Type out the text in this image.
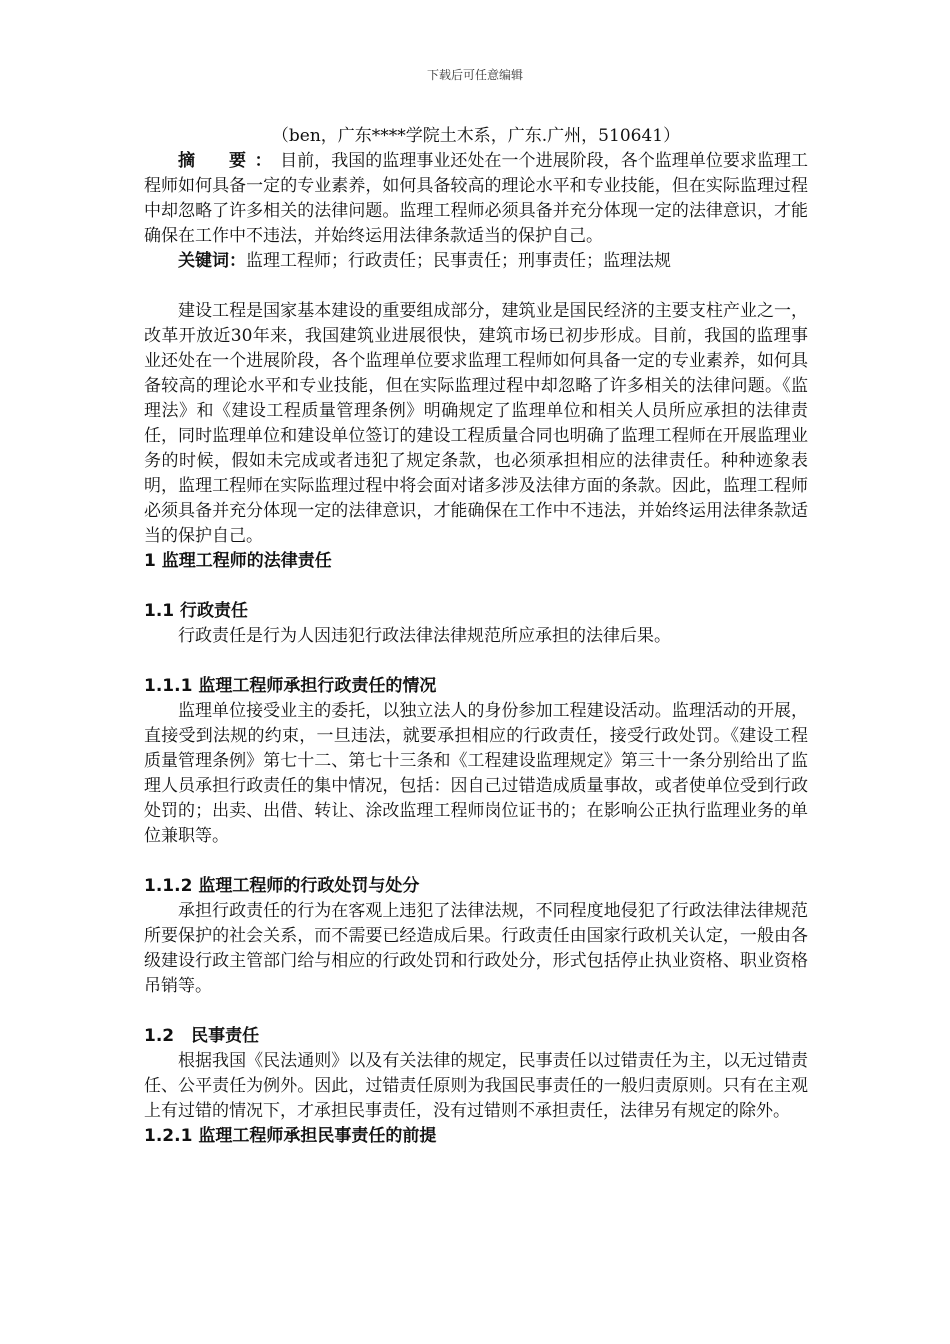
下载后可任意编辑

（ben，广东****学院土木系，广东.广州，510641）

摘　要：目前，我国的监理事业还处在一个进展阶段，各个监理单位要求监理工程师如何具备一定的专业素养，如何具备较高的理论水平和专业技能，但在实际监理过程中却忽略了许多相关的法律问题。监理工程师必须具备并充分体现一定的法律意识，才能确保在工作中不违法，并始终运用法律条款适当的保护自己。

关键词：监理工程师；行政责任；民事责任；刑事责任；监理法规

建设工程是国家基本建设的重要组成部分，建筑业是国民经济的主要支柱产业之一，改革开放近30年来，我国建筑业进展很快，建筑市场已初步形成。目前，我国的监理事业还处在一个进展阶段，各个监理单位要求监理工程师如何具备一定的专业素养，如何具备较高的理论水平和专业技能，但在实际监理过程中却忽略了许多相关的法律问题。《监理法》和《建设工程质量管理条例》明确规定了监理单位和相关人员所应承担的法律责任，同时监理单位和建设单位签订的建设工程质量合同也明确了监理工程师在开展监理业务的时候，假如未完成或者违犯了规定条款，也必须承担相应的法律责任。种种迹象表明，监理工程师在实际监理过程中将会面对诸多涉及法律方面的条款。因此，监理工程师必须具备并充分体现一定的法律意识，才能确保在工作中不违法，并始终运用法律条款适当的保护自己。

1 监理工程师的法律责任
1.1 行政责任

行政责任是行为人因违犯行政法律法律规范所应承担的法律后果。

1.1.1 监理工程师承担行政责任的情况

监理单位接受业主的委托，以独立法人的身份参加工程建设活动。监理活动的开展，直接受到法规的约束，一旦违法，就要承担相应的行政责任，接受行政处罚。《建设工程质量管理条例》第七十二、第七十三条和《工程建设监理规定》第三十一条分别给出了监理人员承担行政责任的集中情况，包括：因自己过错造成质量事故，或者使单位受到行政处罚的；出卖、出借、转让、涂改监理工程师岗位证书的；在影响公正执行监理业务的单位兼职等。

1.1.2 监理工程师的行政处罚与处分

承担行政责任的行为在客观上违犯了法律法规，不同程度地侵犯了行政法律法律规范所要保护的社会关系，而不需要已经造成后果。行政责任由国家行政机关认定，一般由各级建设行政主管部门给与相应的行政处罚和行政处分，形式包括停止执业资格、职业资格吊销等。

1.2　民事责任

根据我国《民法通则》以及有关法律的规定，民事责任以过错责任为主，以无过错责任、公平责任为例外。因此，过错责任原则为我国民事责任的一般归责原则。只有在主观上有过错的情况下，才承担民事责任，没有过错则不承担责任，法律另有规定的除外。

1.2.1 监理工程师承担民事责任的前提
